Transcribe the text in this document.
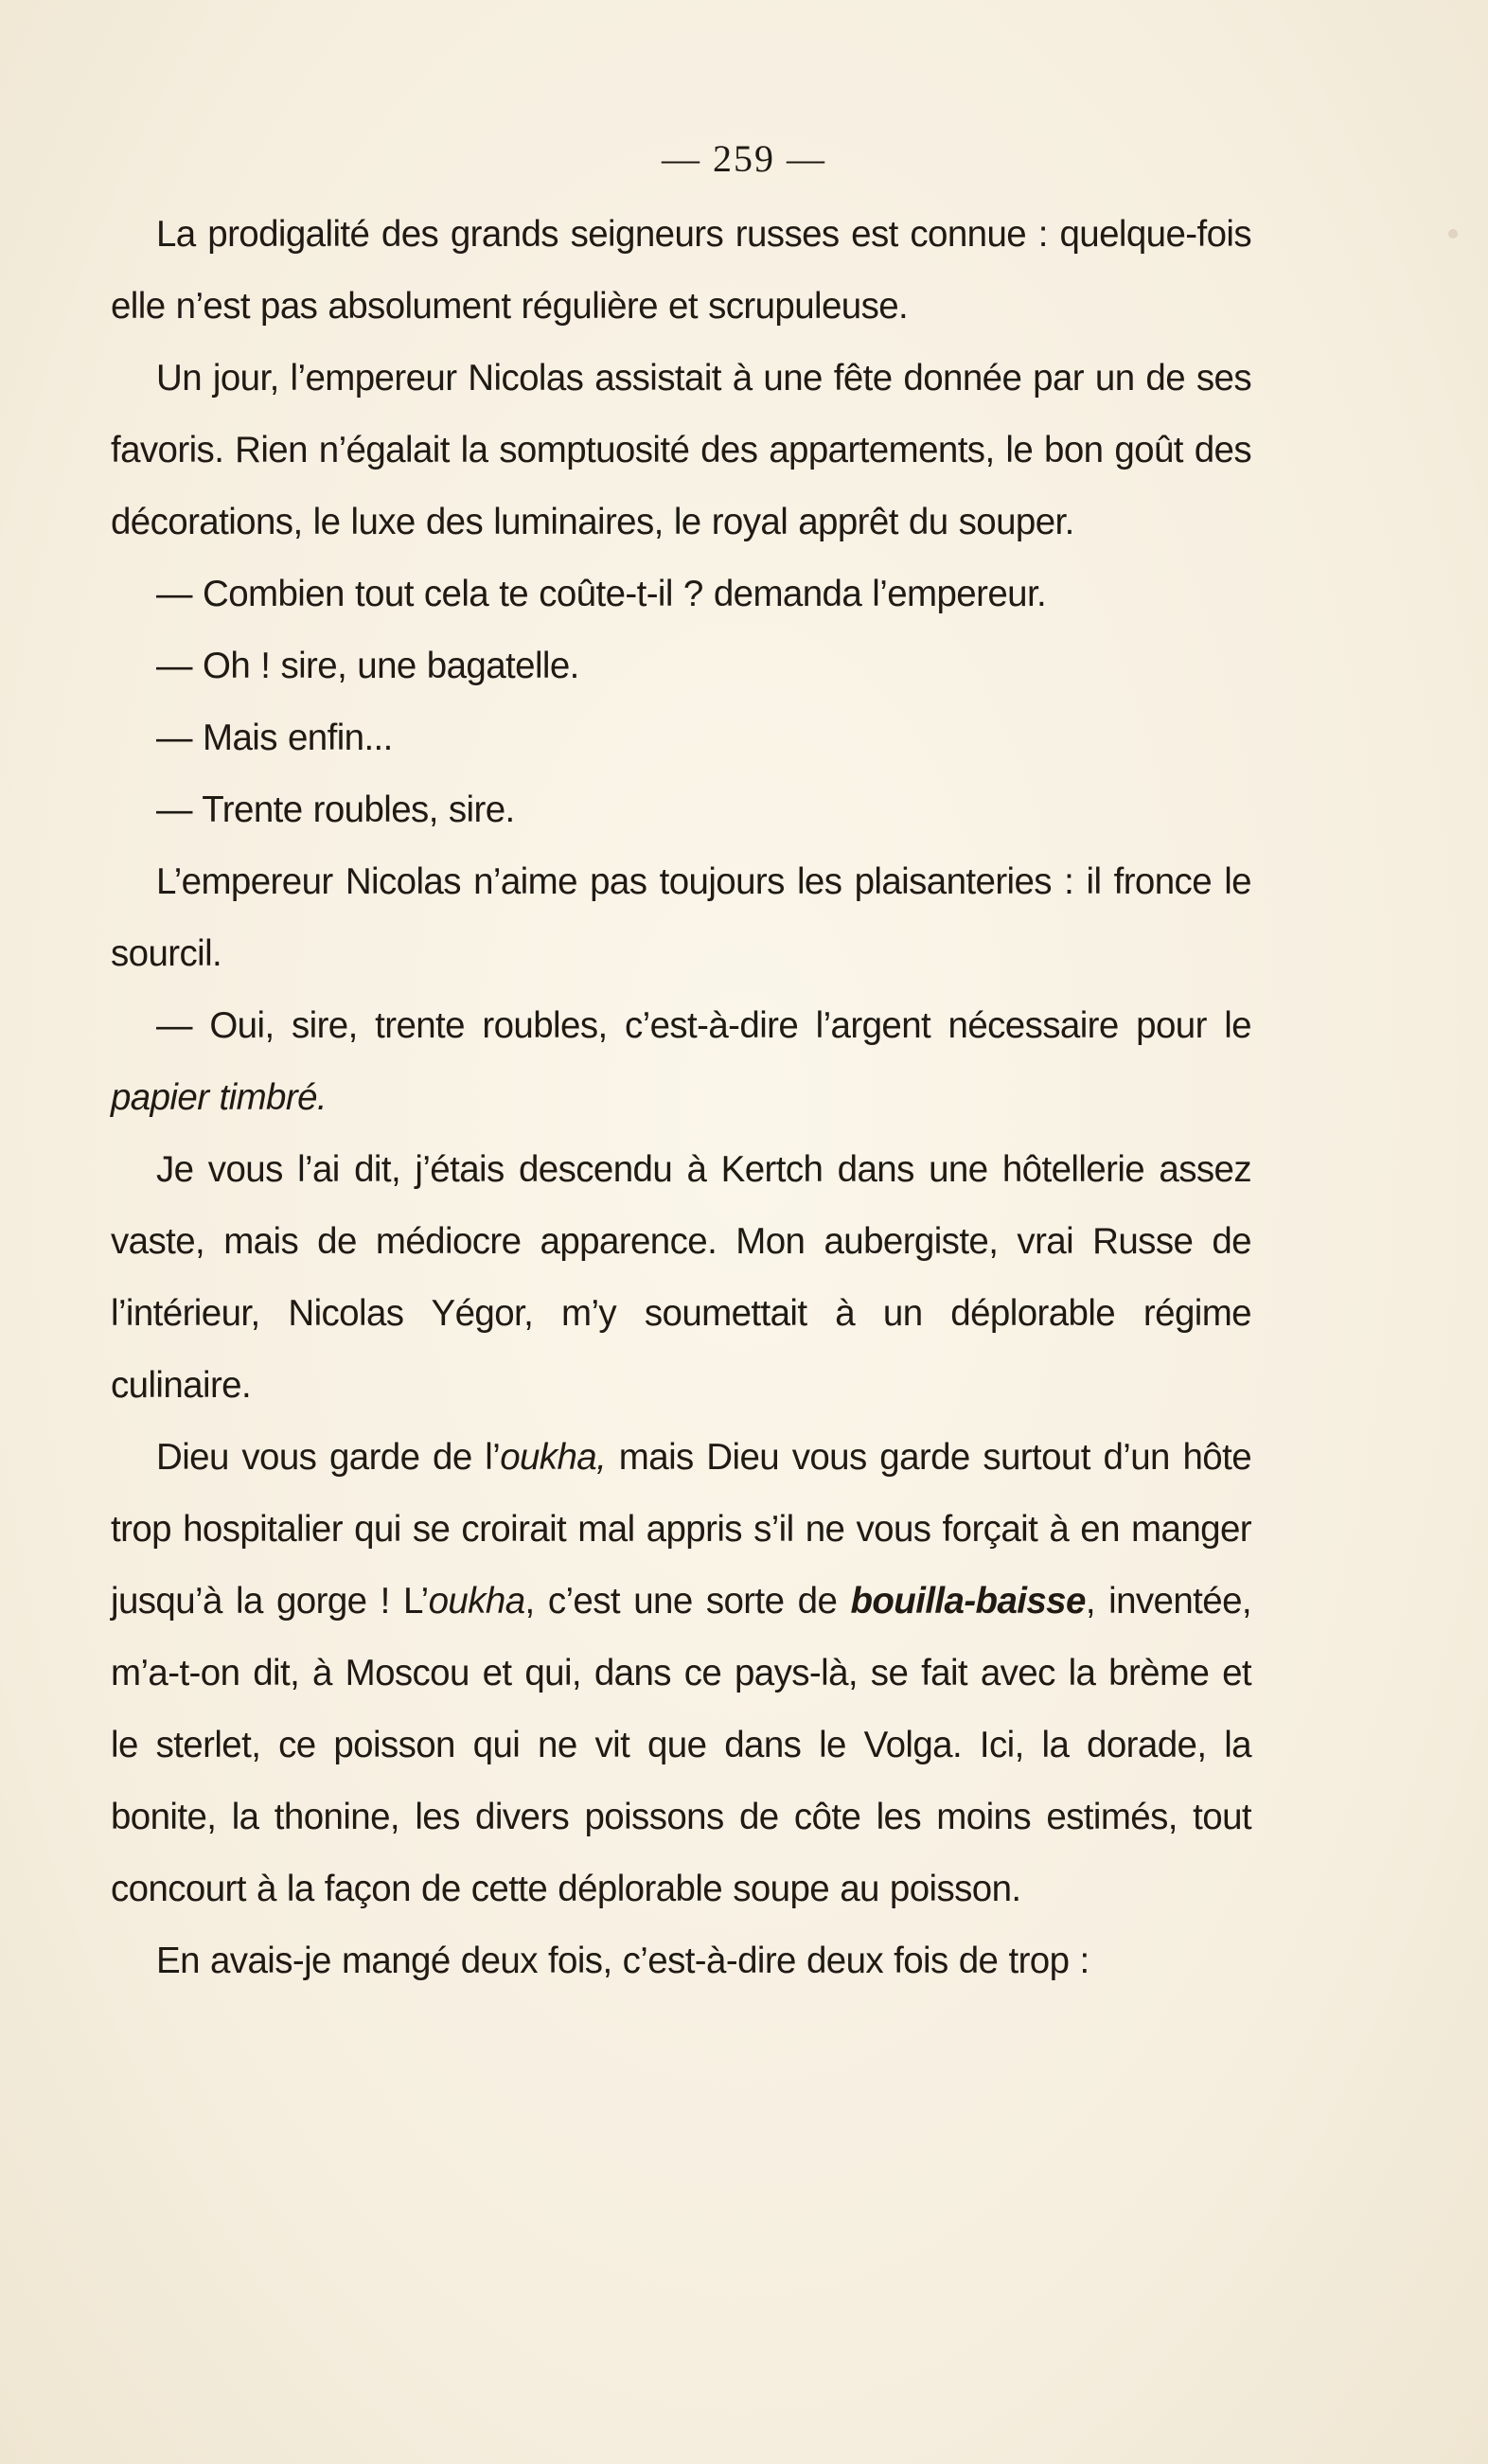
— 259 —

La prodigalité des grands seigneurs russes est connue : quelque-fois elle n’est pas absolument régulière et scrupuleuse.

Un jour, l’empereur Nicolas assistait à une fête donnée par un de ses favoris. Rien n’égalait la somptuosité des appartements, le bon goût des décorations, le luxe des luminaires, le royal apprêt du souper.

— Combien tout cela te coûte-t-il ? demanda l’empereur.

— Oh ! sire, une bagatelle.

— Mais enfin...

— Trente roubles, sire.

L’empereur Nicolas n’aime pas toujours les plaisanteries : il fronce le sourcil.

— Oui, sire, trente roubles, c’est-à-dire l’argent nécessaire pour le papier timbré.

Je vous l’ai dit, j’étais descendu à Kertch dans une hôtellerie assez vaste, mais de médiocre apparence. Mon aubergiste, vrai Russe de l’intérieur, Nicolas Yégor, m’y soumettait à un déplorable régime culinaire.

Dieu vous garde de l’oukha, mais Dieu vous garde surtout d’un hôte trop hospitalier qui se croirait mal appris s’il ne vous forçait à en manger jusqu’à la gorge ! L’oukha, c’est une sorte de bouilla-baisse, inventée, m’a-t-on dit, à Moscou et qui, dans ce pays-là, se fait avec la brème et le sterlet, ce poisson qui ne vit que dans le Volga. Ici, la dorade, la bonite, la thonine, les divers poissons de côte les moins estimés, tout concourt à la façon de cette déplorable soupe au poisson.

En avais-je mangé deux fois, c’est-à-dire deux fois de trop :
